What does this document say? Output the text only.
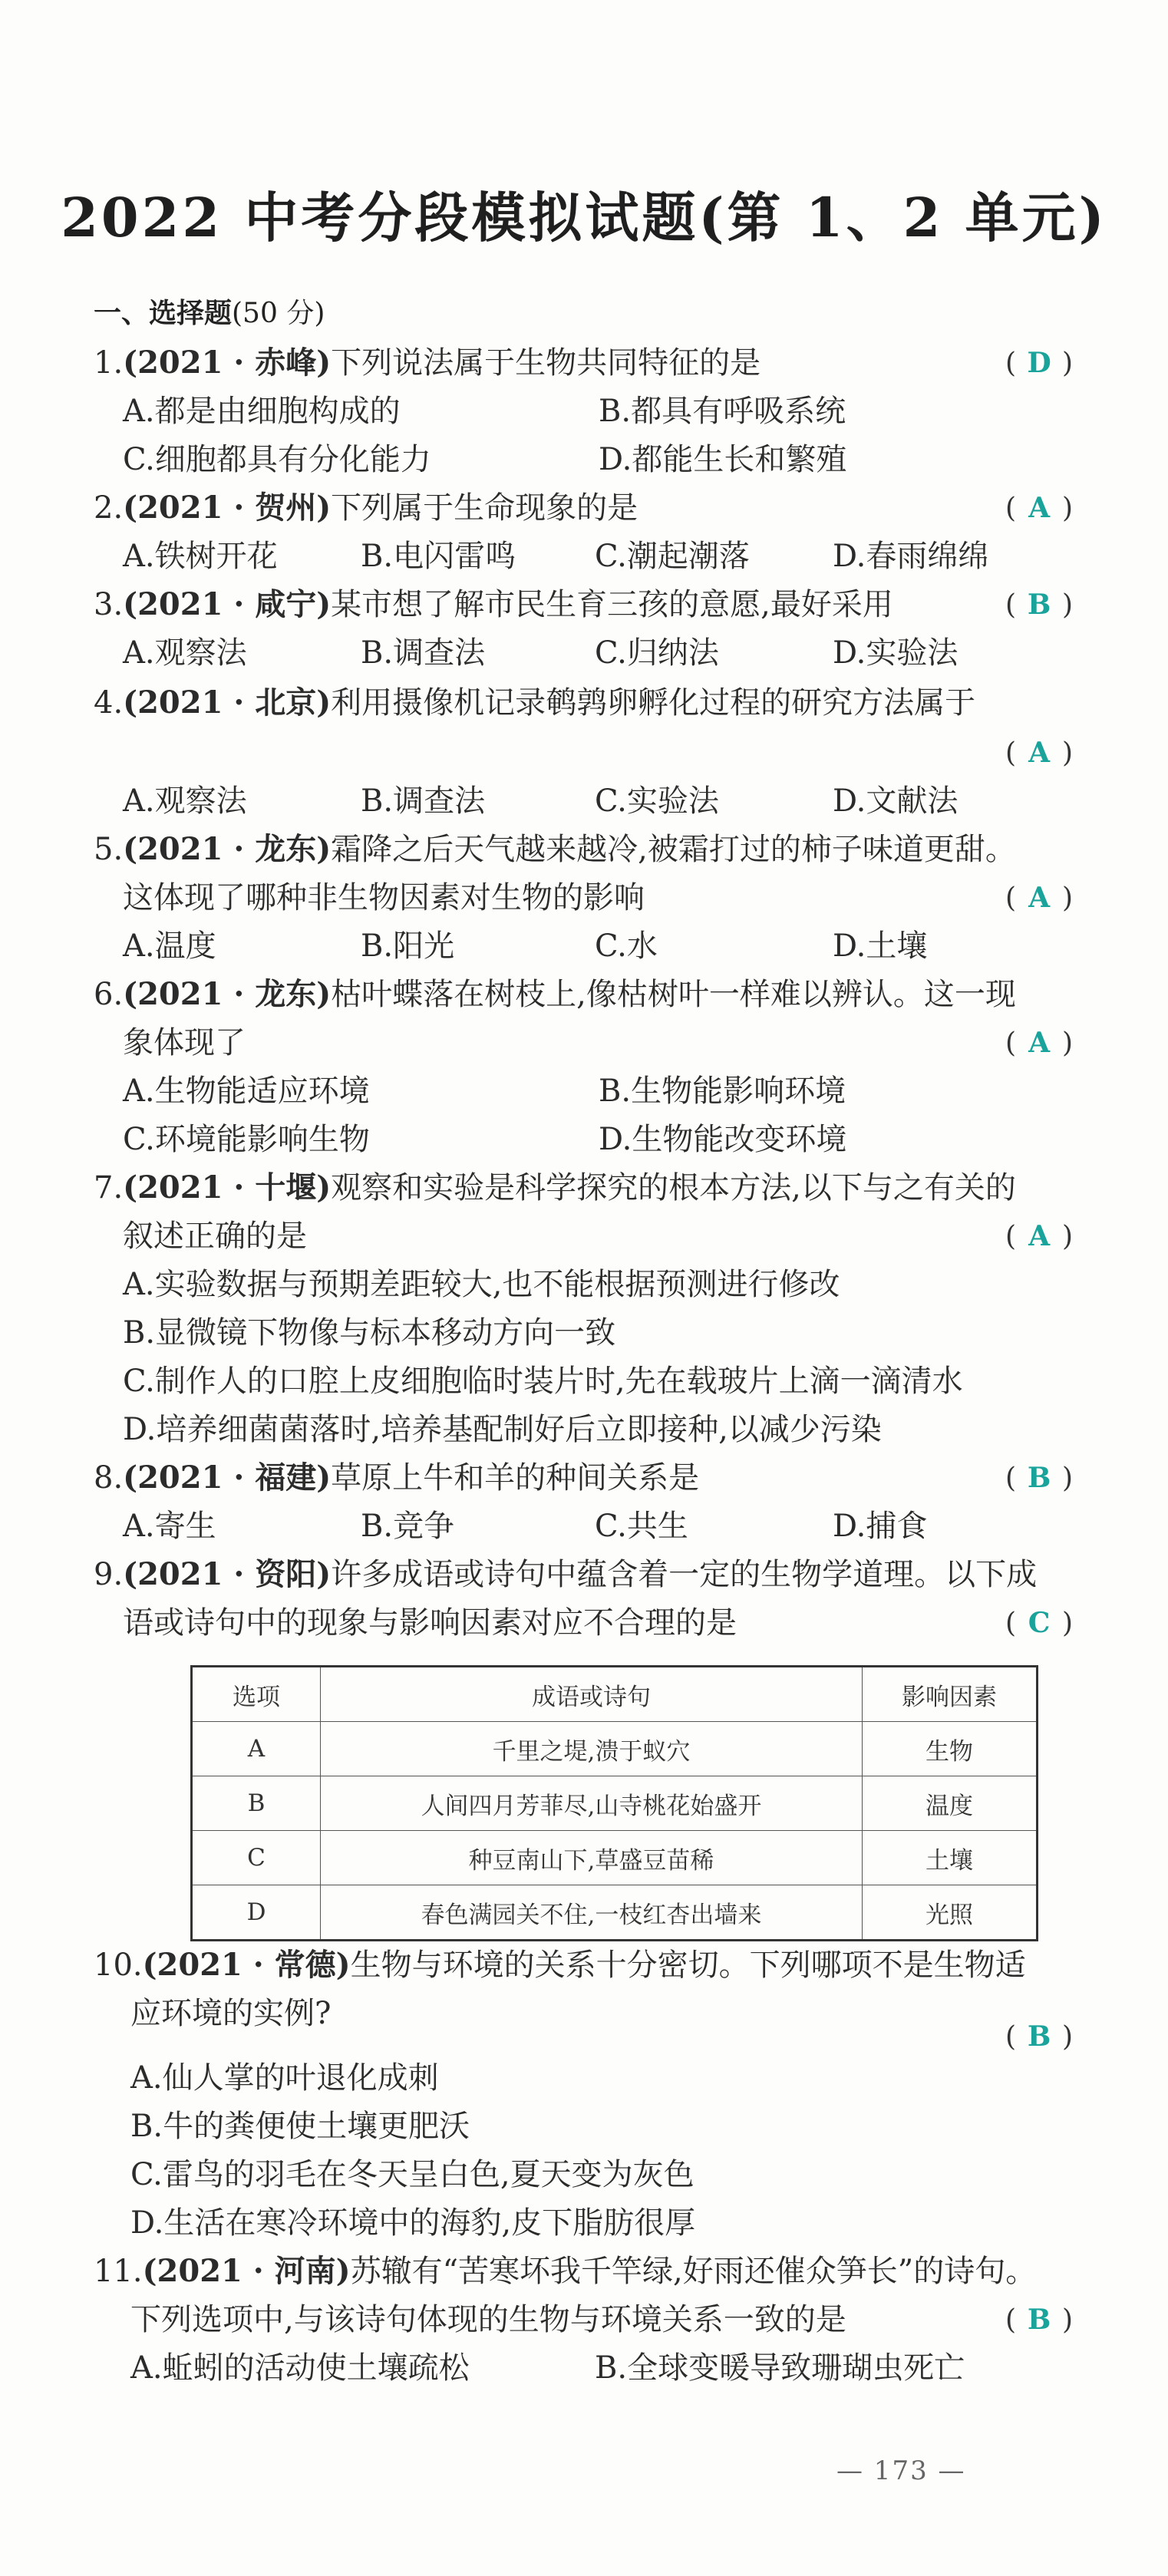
2022 中考分段模拟试题(第 1、2 单元)
一、选择题(50 分)
1.(2021 · 赤峰)下列说法属于生物共同特征的是	( D )
A.都是由细胞构成的	B.都具有呼吸系统
C.细胞都具有分化能力	D.都能生长和繁殖
2.(2021 · 贺州)下列属于生命现象的是	( A )
A.铁树开花	B.电闪雷鸣	C.潮起潮落	D.春雨绵绵
3.(2021 · 咸宁)某市想了解市民生育三孩的意愿,最好采用	( B )
A.观察法	B.调查法	C.归纳法	D.实验法
4.(2021 · 北京)利用摄像机记录鹌鹑卵孵化过程的研究方法属于
( A )
A.观察法	B.调查法	C.实验法	D.文献法
5.(2021 · 龙东)霜降之后天气越来越冷,被霜打过的柿子味道更甜。
这体现了哪种非生物因素对生物的影响	( A )
A.温度	B.阳光	C.水	D.土壤
6.(2021 · 龙东)枯叶蝶落在树枝上,像枯树叶一样难以辨认。这一现
象体现了	( A )
A.生物能适应环境	B.生物能影响环境
C.环境能影响生物	D.生物能改变环境
7.(2021 · 十堰)观察和实验是科学探究的根本方法,以下与之有关的
叙述正确的是	( A )
A.实验数据与预期差距较大,也不能根据预测进行修改
B.显微镜下物像与标本移动方向一致
C.制作人的口腔上皮细胞临时装片时,先在载玻片上滴一滴清水
D.培养细菌菌落时,培养基配制好后立即接种,以减少污染
8.(2021 · 福建)草原上牛和羊的种间关系是	( B )
A.寄生	B.竞争	C.共生	D.捕食
9.(2021 · 资阳)许多成语或诗句中蕴含着一定的生物学道理。以下成
语或诗句中的现象与影响因素对应不合理的是	( C )
选项	成语或诗句	影响因素
A	千里之堤,溃于蚁穴	生物
B	人间四月芳菲尽,山寺桃花始盛开	温度
C	种豆南山下,草盛豆苗稀	土壤
D	春色满园关不住,一枝红杏出墙来	光照
10.(2021 · 常德)生物与环境的关系十分密切。下列哪项不是生物适
应环境的实例?
( B )
A.仙人掌的叶退化成刺
B.牛的粪便使土壤更肥沃
C.雷鸟的羽毛在冬天呈白色,夏天变为灰色
D.生活在寒冷环境中的海豹,皮下脂肪很厚
11.(2021 · 河南)苏辙有“苦寒坏我千竿绿,好雨还催众笋长”的诗句。
下列选项中,与该诗句体现的生物与环境关系一致的是	( B )
A.蚯蚓的活动使土壤疏松	B.全球变暖导致珊瑚虫死亡
— 173 —
